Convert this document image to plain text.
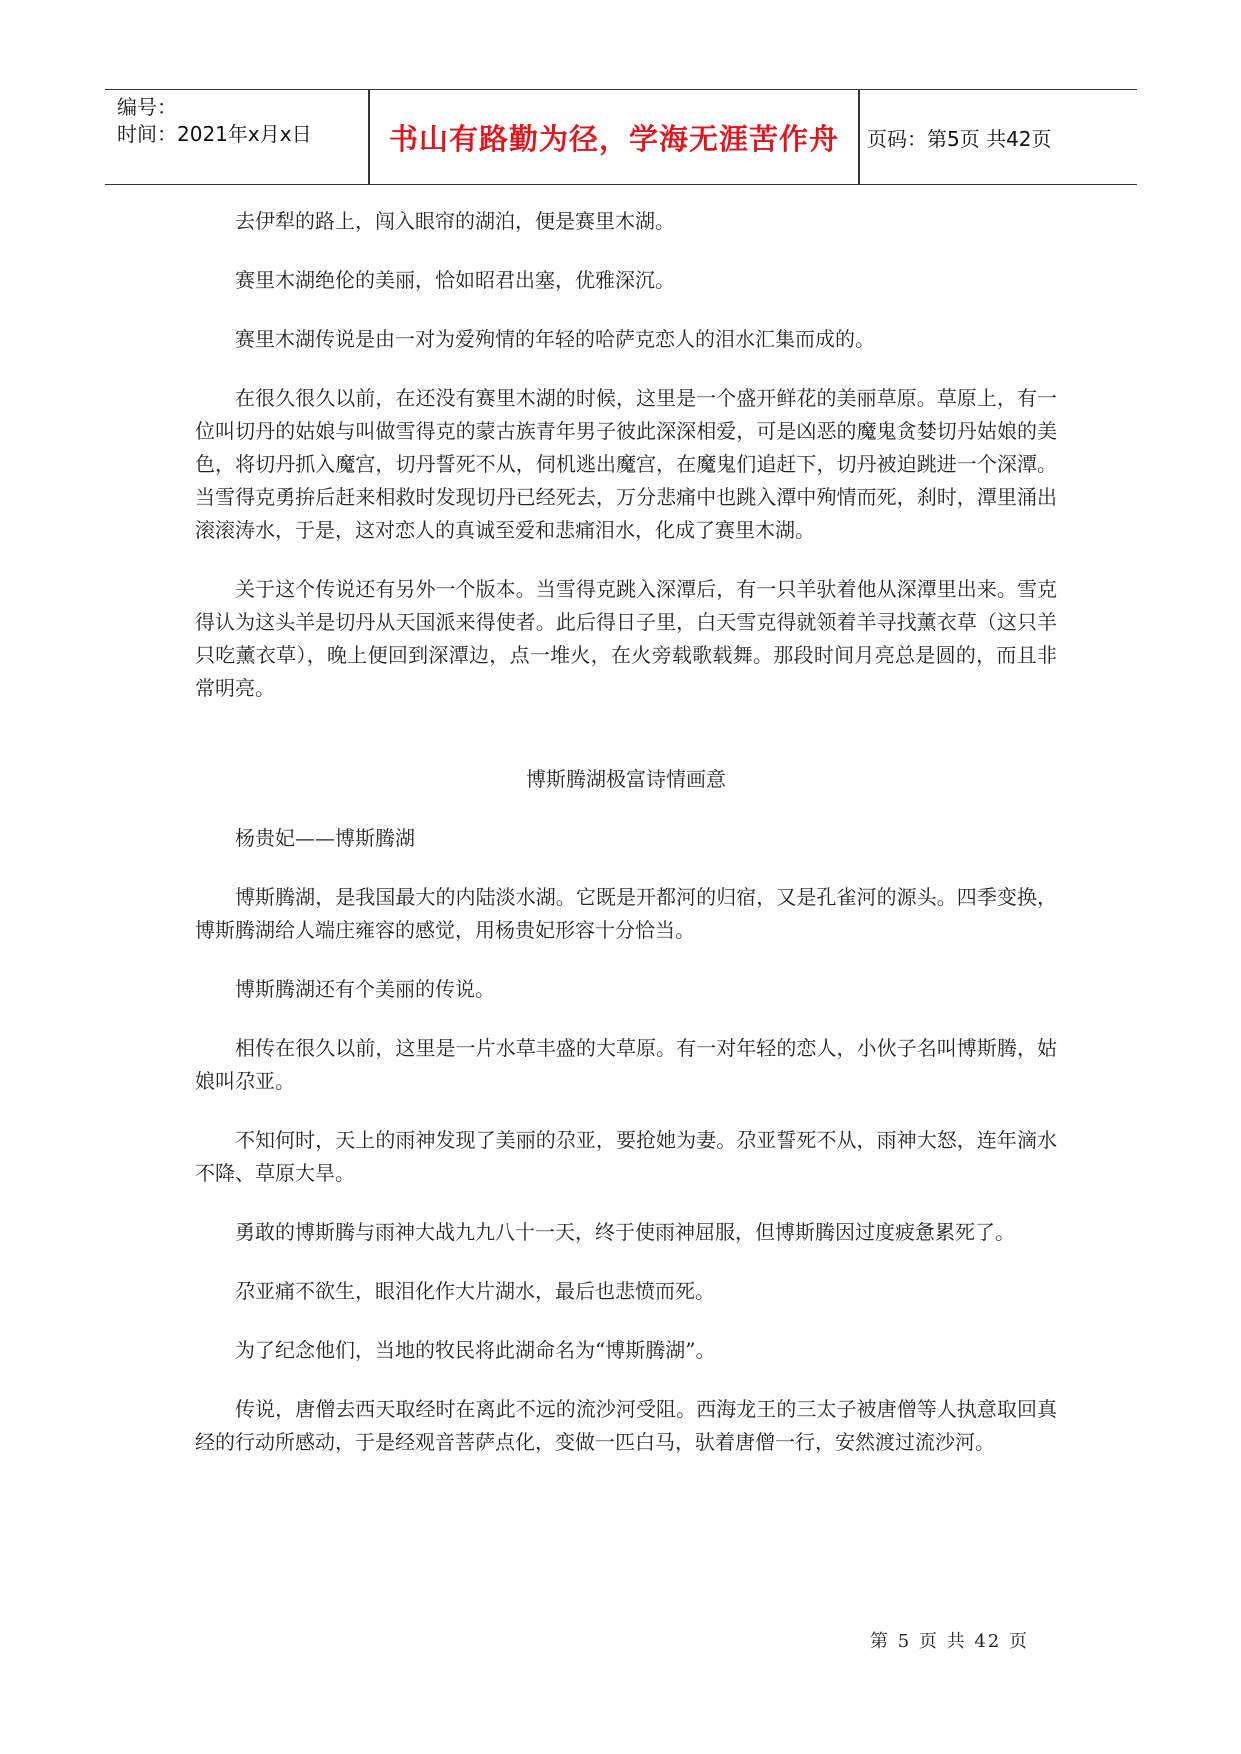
编号：
时间：2021年x月x日	书山有路勤为径，学海无涯苦作舟	页码：第5页 共42页

去伊犁的路上，闯入眼帘的湖泊，便是赛里木湖。

赛里木湖绝伦的美丽，恰如昭君出塞，优雅深沉。

赛里木湖传说是由一对为爱殉情的年轻的哈萨克恋人的泪水汇集而成的。

在很久很久以前，在还没有赛里木湖的时候，这里是一个盛开鲜花的美丽草原。草原上，有一位叫切丹的姑娘与叫做雪得克的蒙古族青年男子彼此深深相爱，可是凶恶的魔鬼贪婪切丹姑娘的美色，将切丹抓入魔宫，切丹誓死不从，伺机逃出魔宫，在魔鬼们追赶下，切丹被迫跳进一个深潭。当雪得克勇拚后赶来相救时发现切丹已经死去，万分悲痛中也跳入潭中殉情而死，刹时，潭里涌出滚滚涛水，于是，这对恋人的真诚至爱和悲痛泪水，化成了赛里木湖。

关于这个传说还有另外一个版本。当雪得克跳入深潭后，有一只羊驮着他从深潭里出来。雪克得认为这头羊是切丹从天国派来得使者。此后得日子里，白天雪克得就领着羊寻找薰衣草（这只羊只吃薰衣草），晚上便回到深潭边，点一堆火，在火旁载歌载舞。那段时间月亮总是圆的，而且非常明亮。

博斯腾湖极富诗情画意

杨贵妃——博斯腾湖

博斯腾湖，是我国最大的内陆淡水湖。它既是开都河的归宿，又是孔雀河的源头。四季变换，博斯腾湖给人端庄雍容的感觉，用杨贵妃形容十分恰当。

博斯腾湖还有个美丽的传说。

相传在很久以前，这里是一片水草丰盛的大草原。有一对年轻的恋人，小伙子名叫博斯腾，姑娘叫尕亚。

不知何时，天上的雨神发现了美丽的尕亚，要抢她为妻。尕亚誓死不从，雨神大怒，连年滴水不降、草原大旱。

勇敢的博斯腾与雨神大战九九八十一天，终于使雨神屈服，但博斯腾因过度疲惫累死了。

尕亚痛不欲生，眼泪化作大片湖水，最后也悲愤而死。

为了纪念他们，当地的牧民将此湖命名为“博斯腾湖”。

传说，唐僧去西天取经时在离此不远的流沙河受阻。西海龙王的三太子被唐僧等人执意取回真经的行动所感动，于是经观音菩萨点化，变做一匹白马，驮着唐僧一行，安然渡过流沙河。

第 5 页 共 42 页
